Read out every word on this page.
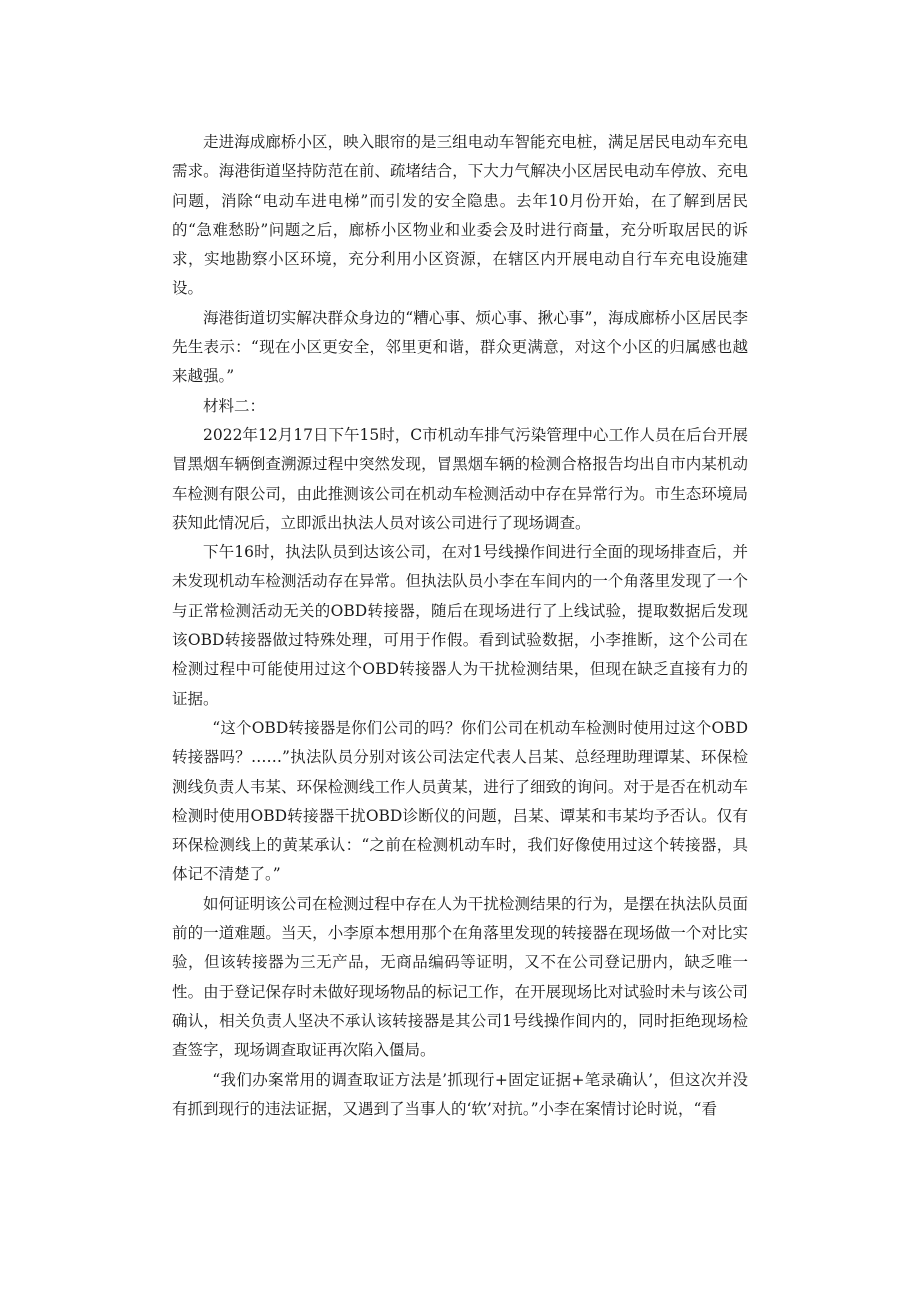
走进海成廊桥小区，映入眼帘的是三组电动车智能充电桩，满足居民电动车充电需求。海港街道坚持防范在前、疏堵结合，下大力气解决小区居民电动车停放、充电问题，消除“电动车进电梯”而引发的安全隐患。去年10月份开始，在了解到居民的“急难愁盼”问题之后，廊桥小区物业和业委会及时进行商量，充分听取居民的诉求，实地勘察小区环境，充分利用小区资源，在辖区内开展电动自行车充电设施建设。

海港街道切实解决群众身边的“糟心事、烦心事、揪心事”，海成廊桥小区居民李先生表示：“现在小区更安全，邻里更和谐，群众更满意，对这个小区的归属感也越来越强。”

材料二：

2022年12月17日下午15时，C市机动车排气污染管理中心工作人员在后台开展冒黑烟车辆倒查溯源过程中突然发现，冒黑烟车辆的检测合格报告均出自市内某机动车检测有限公司，由此推测该公司在机动车检测活动中存在异常行为。市生态环境局获知此情况后，立即派出执法人员对该公司进行了现场调查。

下午16时，执法队员到达该公司，在对1号线操作间进行全面的现场排查后，并未发现机动车检测活动存在异常。但执法队员小李在车间内的一个角落里发现了一个与正常检测活动无关的OBD转接器，随后在现场进行了上线试验，提取数据后发现该OBD转接器做过特殊处理，可用于作假。看到试验数据，小李推断，这个公司在检测过程中可能使用过这个OBD转接器人为干扰检测结果，但现在缺乏直接有力的证据。

“这个OBD转接器是你们公司的吗？你们公司在机动车检测时使用过这个OBD转接器吗？……”执法队员分别对该公司法定代表人吕某、总经理助理谭某、环保检测线负责人韦某、环保检测线工作人员黄某，进行了细致的询问。对于是否在机动车检测时使用OBD转接器干扰OBD诊断仪的问题，吕某、谭某和韦某均予否认。仅有环保检测线上的黄某承认：“之前在检测机动车时，我们好像使用过这个转接器，具体记不清楚了。”

如何证明该公司在检测过程中存在人为干扰检测结果的行为，是摆在执法队员面前的一道难题。当天，小李原本想用那个在角落里发现的转接器在现场做一个对比实验，但该转接器为三无产品，无商品编码等证明，又不在公司登记册内，缺乏唯一性。由于登记保存时未做好现场物品的标记工作，在开展现场比对试验时未与该公司确认，相关负责人坚决不承认该转接器是其公司1号线操作间内的，同时拒绝现场检查签字，现场调查取证再次陷入僵局。

“我们办案常用的调查取证方法是’抓现行+固定证据+笔录确认’，但这次并没有抓到现行的违法证据，又遇到了当事人的‘软’对抗。”小李在案情讨论时说，“看
